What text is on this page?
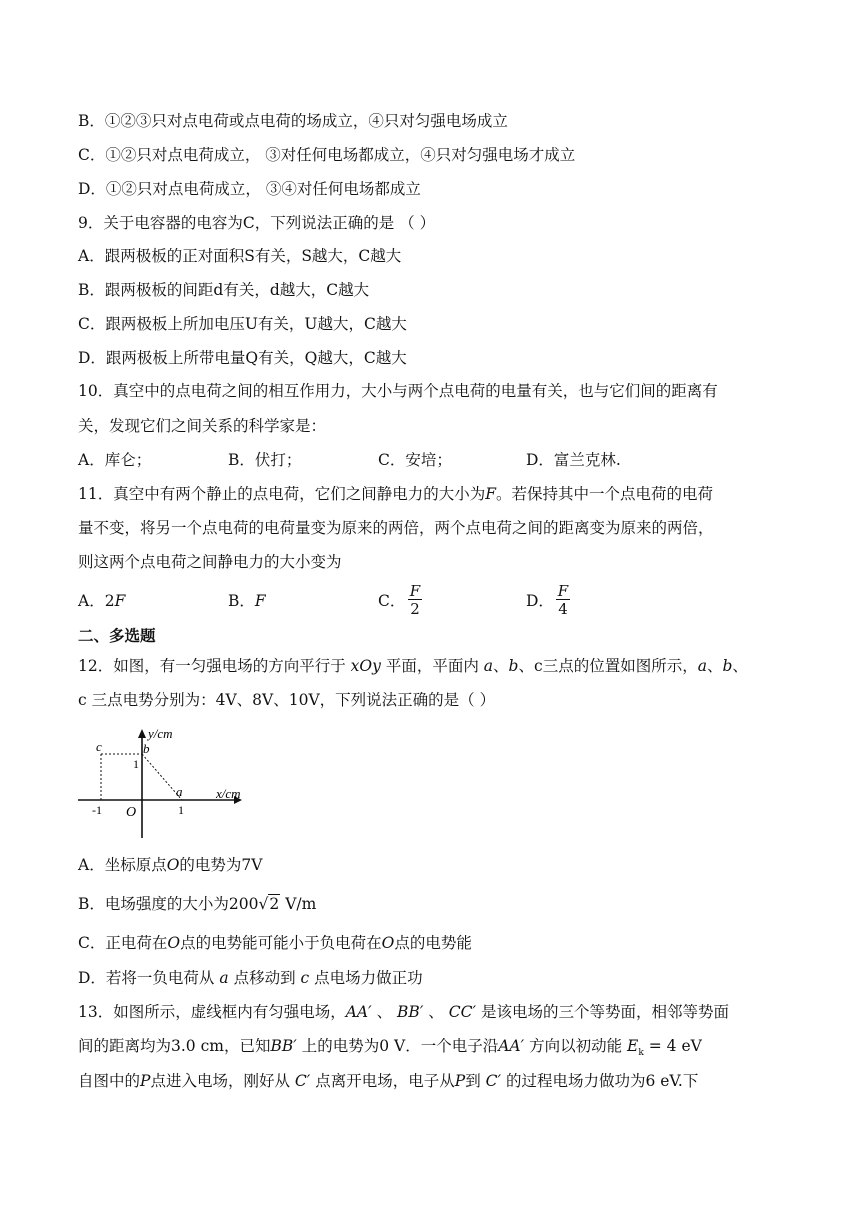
B．①②③只对点电荷或点电荷的场成立，④只对匀强电场成立
C．①②只对点电荷成立， ③对任何电场都成立，④只对匀强电场才成立
D．①②只对点电荷成立， ③④对任何电场都成立
9．关于电容器的电容为C，下列说法正确的是 （ ）
A．跟两极板的正对面积S有关，S越大，C越大
B．跟两极板的间距d有关，d越大，C越大
C．跟两极板上所加电压U有关，U越大，C越大
D．跟两极板上所带电量Q有关，Q越大，C越大
10．真空中的点电荷之间的相互作用力，大小与两个点电荷的电量有关，也与它们间的距离有
关，发现它们之间关系的科学家是：
A．库仑；	B．伏打；	C．安培；	D．富兰克林.
11．真空中有两个静止的点电荷，它们之间静电力的大小为F。若保持其中一个点电荷的电荷
量不变，将另一个点电荷的电荷量变为原来的两倍，两个点电荷之间的距离变为原来的两倍，
则这两个点电荷之间静电力的大小变为
A．2F	B．F	C． $\frac{F}{2}$	D． $\frac{F}{4}$
二、多选题
12．如图，有一匀强电场的方向平行于 xOy 平面，平面内 a、b、c三点的位置如图所示，a、b、
c 三点电势分别为：4V、8V、10V，下列说法正确的是（ ）
y/cm
x/cm
c	b
a
O
1
-1	1
A．坐标原点O的电势为7V
B．电场强度的大小为200√2 V/m
C．正电荷在O点的电势能可能小于负电荷在O点的电势能
D．若将一负电荷从 a 点移动到 c 点电场力做正功
13．如图所示，虚线框内有匀强电场，AA′ 、 BB′ 、 CC′ 是该电场的三个等势面，相邻等势面
间的距离均为3.0 cm，已知BB′ 上的电势为0 V．一个电子沿AA′ 方向以初动能 $E_k = 4$ eV
自图中的P点进入电场，刚好从 C′ 点离开电场，电子从P到 C′ 的过程电场力做功为6 eV.下
